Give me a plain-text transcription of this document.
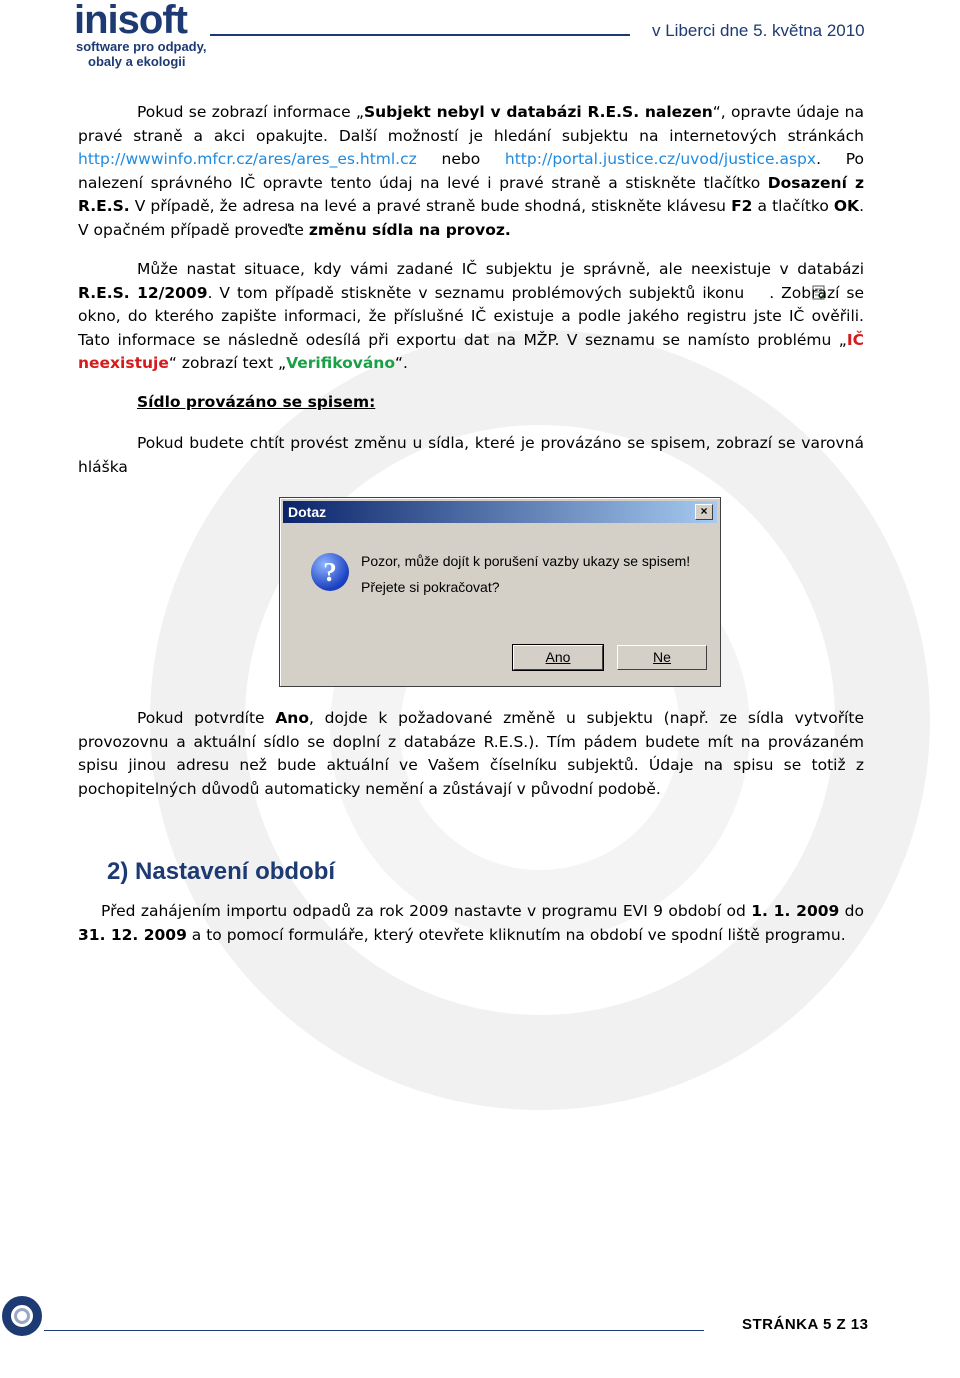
inisoft
software pro odpady,
obaly a ekologii
v Liberci dne 5. května 2010

Pokud se zobrazí informace „Subjekt nebyl v databázi R.E.S. nalezen“, opravte údaje na pravé straně a akci opakujte. Další možností je hledání subjektu na internetových stránkách http://wwwinfo.mfcr.cz/ares/ares_es.html.cz nebo http://portal.justice.cz/uvod/justice.aspx. Po nalezení správného IČ opravte tento údaj na levé i pravé straně a stiskněte tlačítko Dosazení z R.E.S. V případě, že adresa na levé a pravé straně bude shodná, stiskněte klávesu F2 a tlačítko OK. V opačném případě proveďte změnu sídla na provoz.

Může nastat situace, kdy vámi zadané IČ subjektu je správně, ale neexistuje v databázi R.E.S. 12/2009. V tom případě stiskněte v seznamu problémových subjektů ikonu . Zobrazí se okno, do kterého zapište informaci, že příslušné IČ existuje a podle jakého registru jste IČ ověřili. Tato informace se následně odesílá při exportu dat na MŽP. V seznamu se namísto problému „IČ neexistuje“ zobrazí text „Verifikováno“.

Sídlo provázáno se spisem:
Pokud budete chtít provést změnu u sídla, které je provázáno se spisem, zobrazí se varovná
hláška
Dotaz	×
?	Pozor, může dojít k porušení vazby ukazy se spisem!
Přejete si pokračovat?
Ano	Ne

Pokud potvrdíte Ano, dojde k požadované změně u subjektu (např. ze sídla vytvoříte provozovnu a aktuální sídlo se doplní z databáze R.E.S.). Tím pádem budete mít na provázaném spisu jinou adresu než bude aktuální ve Vašem číselníku subjektů. Údaje na spisu se totiž z pochopitelných důvodů automaticky nemění a zůstávají v původní podobě.

2) Nastavení období

Před zahájením importu odpadů za rok 2009 nastavte v programu EVI 9 období od 1. 1. 2009 do 31. 12. 2009 a to pomocí formuláře, který otevřete kliknutím na období ve spodní liště programu.

STRÁNKA 5 Z 13
